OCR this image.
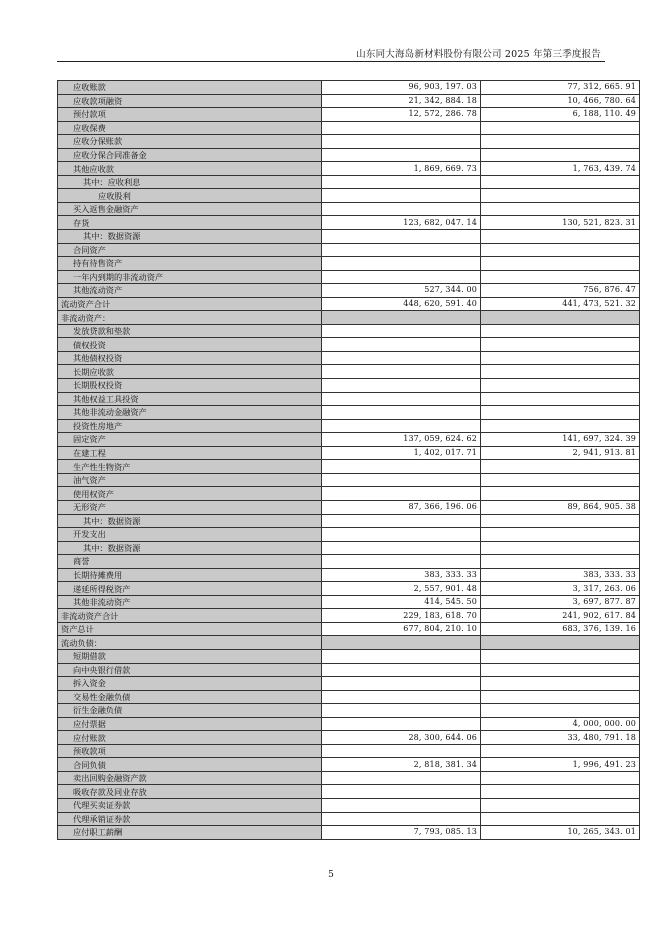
山东同大海岛新材料股份有限公司 2025 年第三季度报告
应收账款	96, 903, 197. 03	77, 312, 665. 91
应收款项融资	21, 342, 884. 18	10, 466, 780. 64
预付款项	12, 572, 286. 78	6, 188, 110. 49
应收保费		
应收分保账款		
应收分保合同准备金		
其他应收款	1, 869, 669. 73	1, 763, 439. 74
其中：应收利息		
应收股利		
买入返售金融资产		
存货	123, 682, 047. 14	130, 521, 823. 31
其中：数据资源		
合同资产		
持有待售资产		
一年内到期的非流动资产		
其他流动资产	527, 344. 00	756, 876. 47
流动资产合计	448, 620, 591. 40	441, 473, 521. 32
非流动资产：		
发放贷款和垫款		
债权投资		
其他债权投资		
长期应收款		
长期股权投资		
其他权益工具投资		
其他非流动金融资产		
投资性房地产		
固定资产	137, 059, 624. 62	141, 697, 324. 39
在建工程	1, 402, 017. 71	2, 941, 913. 81
生产性生物资产		
油气资产		
使用权资产		
无形资产	87, 366, 196. 06	89, 864, 905. 38
其中：数据资源		
开发支出		
其中：数据资源		
商誉		
长期待摊费用	383, 333. 33	383, 333. 33
递延所得税资产	2, 557, 901. 48	3, 317, 263. 06
其他非流动资产	414, 545. 50	3, 697, 877. 87
非流动资产合计	229, 183, 618. 70	241, 902, 617. 84
资产总计	677, 804, 210. 10	683, 376, 139. 16
流动负债：		
短期借款		
向中央银行借款		
拆入资金		
交易性金融负债		
衍生金融负债		
应付票据		4, 000, 000. 00
应付账款	28, 300, 644. 06	33, 480, 791. 18
预收款项		
合同负债	2, 818, 381. 34	1, 996, 491. 23
卖出回购金融资产款		
吸收存款及同业存放		
代理买卖证券款		
代理承销证券款		
应付职工薪酬	7, 793, 085. 13	10, 265, 343. 01
5
